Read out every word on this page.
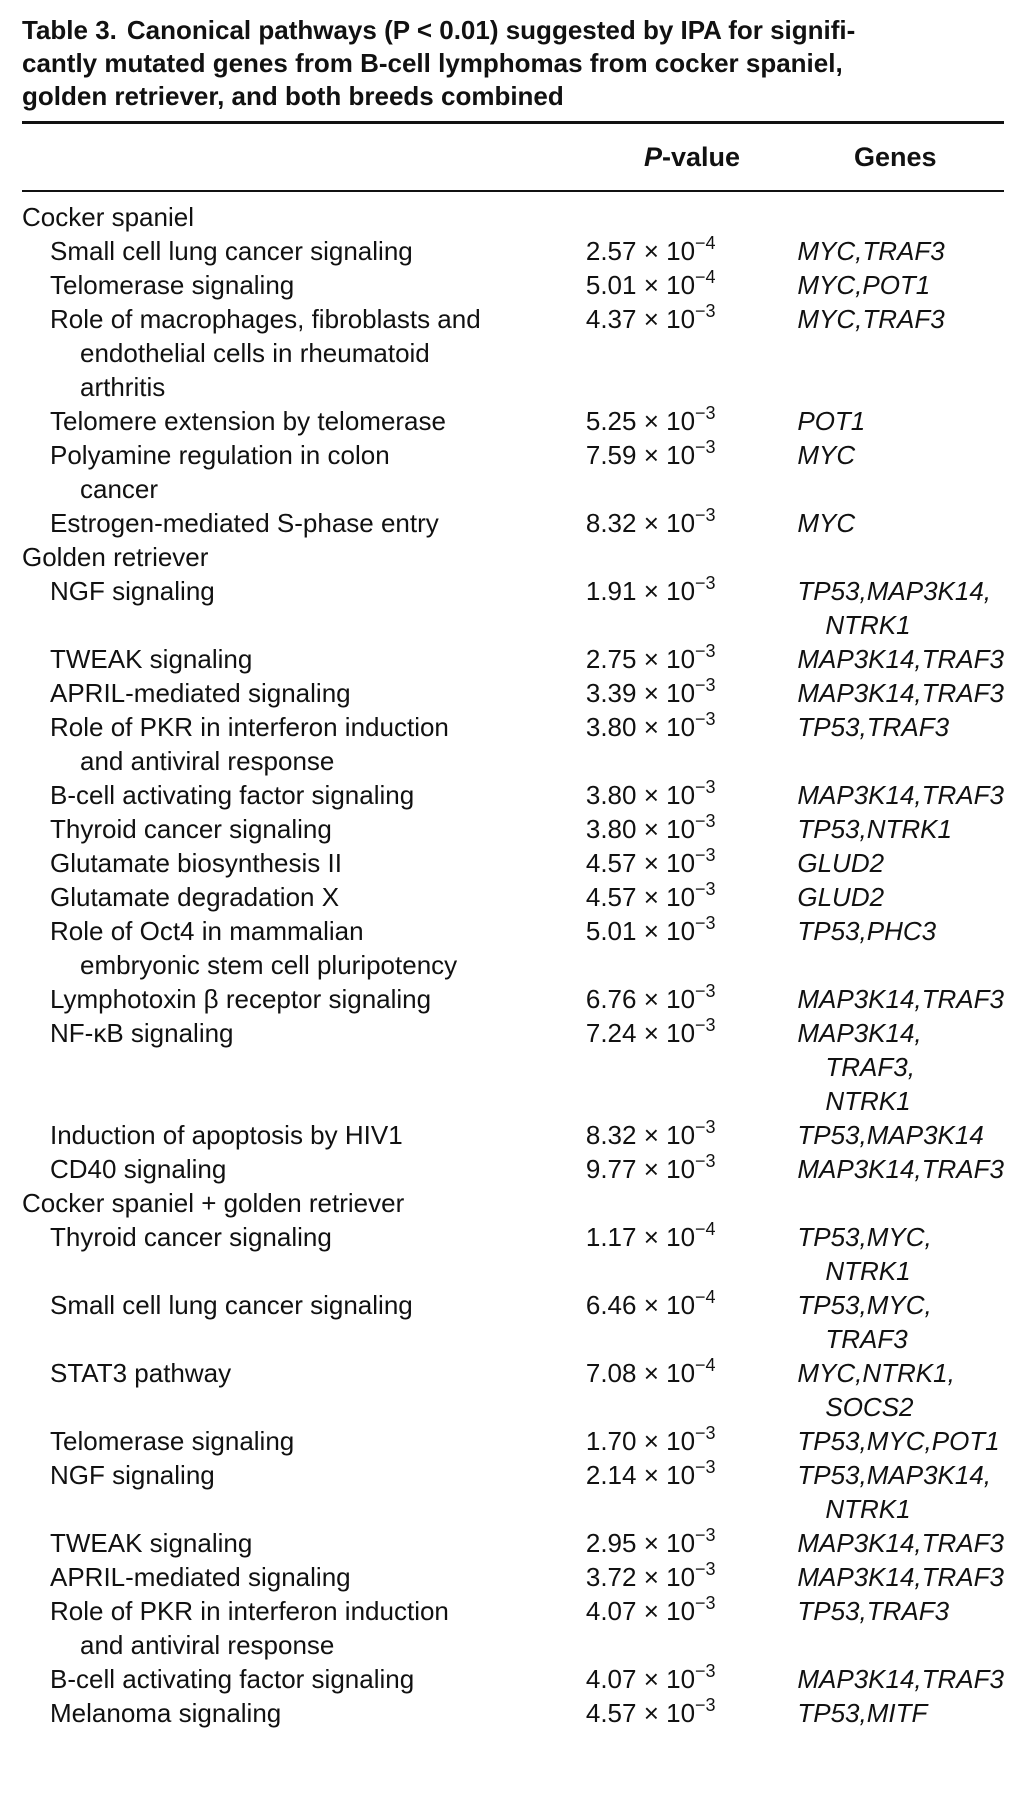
Table 3. Canonical pathways (P < 0.01) suggested by IPA for signifi-
cantly mutated genes from B-cell lymphomas from cocker spaniel,
golden retriever, and both breeds combined
P-value	Genes
Cocker spaniel		

Small cell lung cancer signaling	$2.57 \times 10^{-4}$	MYC,TRAF3

Telomerase signaling	$5.01 \times 10^{-4}$	MYC,POT1

Role of macrophages, fibroblasts and
endothelial cells in rheumatoid
arthritis	$4.37 \times 10^{-3}$	MYC,TRAF3

Telomere extension by telomerase	$5.25 \times 10^{-3}$	POT1

Polyamine regulation in colon
cancer	$7.59 \times 10^{-3}$	MYC

Estrogen-mediated S-phase entry	$8.32 \times 10^{-3}$	MYC

Golden retriever		

NGF signaling	$1.91 \times 10^{-3}$	TP53,MAP3K14,
NTRK1

TWEAK signaling	$2.75 \times 10^{-3}$	MAP3K14,TRAF3

APRIL-mediated signaling	$3.39 \times 10^{-3}$	MAP3K14,TRAF3

Role of PKR in interferon induction
and antiviral response	$3.80 \times 10^{-3}$	TP53,TRAF3

B-cell activating factor signaling	$3.80 \times 10^{-3}$	MAP3K14,TRAF3

Thyroid cancer signaling	$3.80 \times 10^{-3}$	TP53,NTRK1

Glutamate biosynthesis II	$4.57 \times 10^{-3}$	GLUD2

Glutamate degradation X	$4.57 \times 10^{-3}$	GLUD2

Role of Oct4 in mammalian
embryonic stem cell pluripotency	$5.01 \times 10^{-3}$	TP53,PHC3

Lymphotoxin β receptor signaling	$6.76 \times 10^{-3}$	MAP3K14,TRAF3

NF-κB signaling	$7.24 \times 10^{-3}$	MAP3K14,
TRAF3, NTRK1

Induction of apoptosis by HIV1	$8.32 \times 10^{-3}$	TP53,MAP3K14

CD40 signaling	$9.77 \times 10^{-3}$	MAP3K14,TRAF3

Cocker spaniel + golden retriever		

Thyroid cancer signaling	$1.17 \times 10^{-4}$	TP53,MYC,
NTRK1

Small cell lung cancer signaling	$6.46 \times 10^{-4}$	TP53,MYC,
TRAF3

STAT3 pathway	$7.08 \times 10^{-4}$	MYC,NTRK1,
SOCS2

Telomerase signaling	$1.70 \times 10^{-3}$	TP53,MYC,POT1

NGF signaling	$2.14 \times 10^{-3}$	TP53,MAP3K14,
NTRK1

TWEAK signaling	$2.95 \times 10^{-3}$	MAP3K14,TRAF3

APRIL-mediated signaling	$3.72 \times 10^{-3}$	MAP3K14,TRAF3

Role of PKR in interferon induction
and antiviral response	$4.07 \times 10^{-3}$	TP53,TRAF3

B-cell activating factor signaling	$4.07 \times 10^{-3}$	MAP3K14,TRAF3

Melanoma signaling	$4.57 \times 10^{-3}$	TP53,MITF
